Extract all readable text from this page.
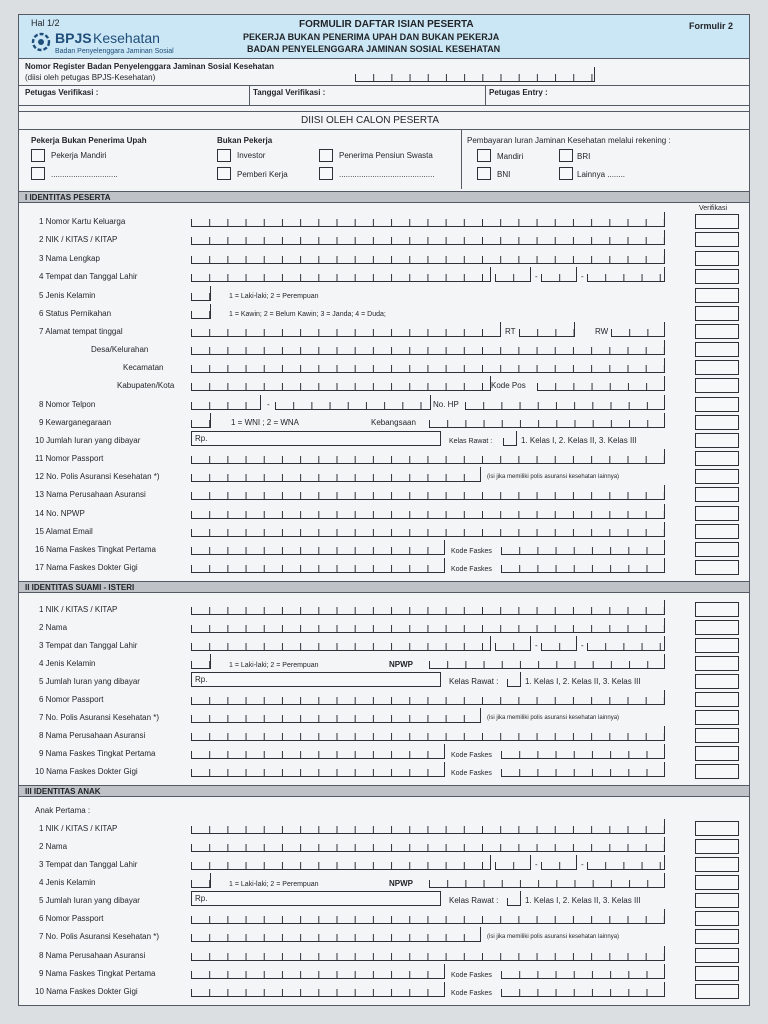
Hal 1/2
BPJS Kesehatan
Badan Penyelenggara Jaminan Sosial
FORMULIR DAFTAR ISIAN PESERTA
PEKERJA BUKAN PENERIMA UPAH DAN BUKAN PEKERJA
BADAN PENYELENGGARA JAMINAN SOSIAL KESEHATAN
Formulir 2
Nomor Register Badan Penyelenggara Jaminan Sosial Kesehatan
(diisi oleh petugas BPJS-Kesehatan)
Petugas Verifikasi :	Tanggal Verifikasi :	Petugas Entry :
DIISI OLEH CALON PESERTA
Pekerja Bukan Penerima Upah
Pekerja Mandiri
..............................
Bukan Pekerja
Investor
Pemberi Kerja
Penerima Pensiun Swasta
...........................................
Pembayaran Iuran Jaminan Kesehatan melalui rekening :
Mandiri	BRI
BNI	Lainnya ........
I IDENTITAS PESERTA
Verifikasi
1 Nomor Kartu Keluarga
2 NIK / KITAS / KITAP
3 Nama Lengkap
4 Tempat dan Tanggal Lahir	-	-
5 Jenis Kelamin	1 = Laki-laki; 2 = Perempuan
6 Status Pernikahan	1 = Kawin; 2 = Belum Kawin; 3 = Janda; 4 = Duda;
7 Alamat tempat tinggal	RT	RW
Desa/Kelurahan
Kecamatan
Kabupaten/Kota	Kode Pos
8 Nomor Telpon	-	No. HP
9 Kewarganegaraan	1 = WNI ; 2 = WNA	Kebangsaan
10 Jumlah Iuran yang dibayar	Rp.	Kelas Rawat :	1. Kelas I, 2. Kelas II, 3. Kelas III
11 Nomor Passport
12 No. Polis Asuransi Kesehatan *)	(isi jika memiliki polis asuransi kesehatan lainnya)
13 Nama Perusahaan Asuransi
14 No. NPWP
15 Alamat Email
16 Nama Faskes Tingkat Pertama	Kode Faskes
17 Nama Faskes Dokter Gigi	Kode Faskes
II IDENTITAS SUAMI - ISTERI
1 NIK / KITAS / KITAP
2 Nama
3 Tempat dan Tanggal Lahir	-	-
4 Jenis Kelamin	1 = Laki-laki; 2 = Perempuan	NPWP
5 Jumlah Iuran yang dibayar	Rp.	Kelas Rawat :	1. Kelas I, 2. Kelas II, 3. Kelas III
6 Nomor Passport
7 No. Polis Asuransi Kesehatan *)	(isi jika memiliki polis asuransi kesehatan lainnya)
8 Nama Perusahaan Asuransi
9 Nama Faskes Tingkat Pertama	Kode Faskes
10 Nama Faskes Dokter Gigi	Kode Faskes
III IDENTITAS ANAK
Anak Pertama :
1 NIK / KITAS / KITAP
2 Nama
3 Tempat dan Tanggal Lahir	-	-
4 Jenis Kelamin	1 = Laki-laki; 2 = Perempuan	NPWP
5 Jumlah Iuran yang dibayar	Rp.	Kelas Rawat :	1. Kelas I, 2. Kelas II, 3. Kelas III
6 Nomor Passport
7 No. Polis Asuransi Kesehatan *)	(isi jika memiliki polis asuransi kesehatan lainnya)
8 Nama Perusahaan Asuransi
9 Nama Faskes Tingkat Pertama	Kode Faskes
10 Nama Faskes Dokter Gigi	Kode Faskes
